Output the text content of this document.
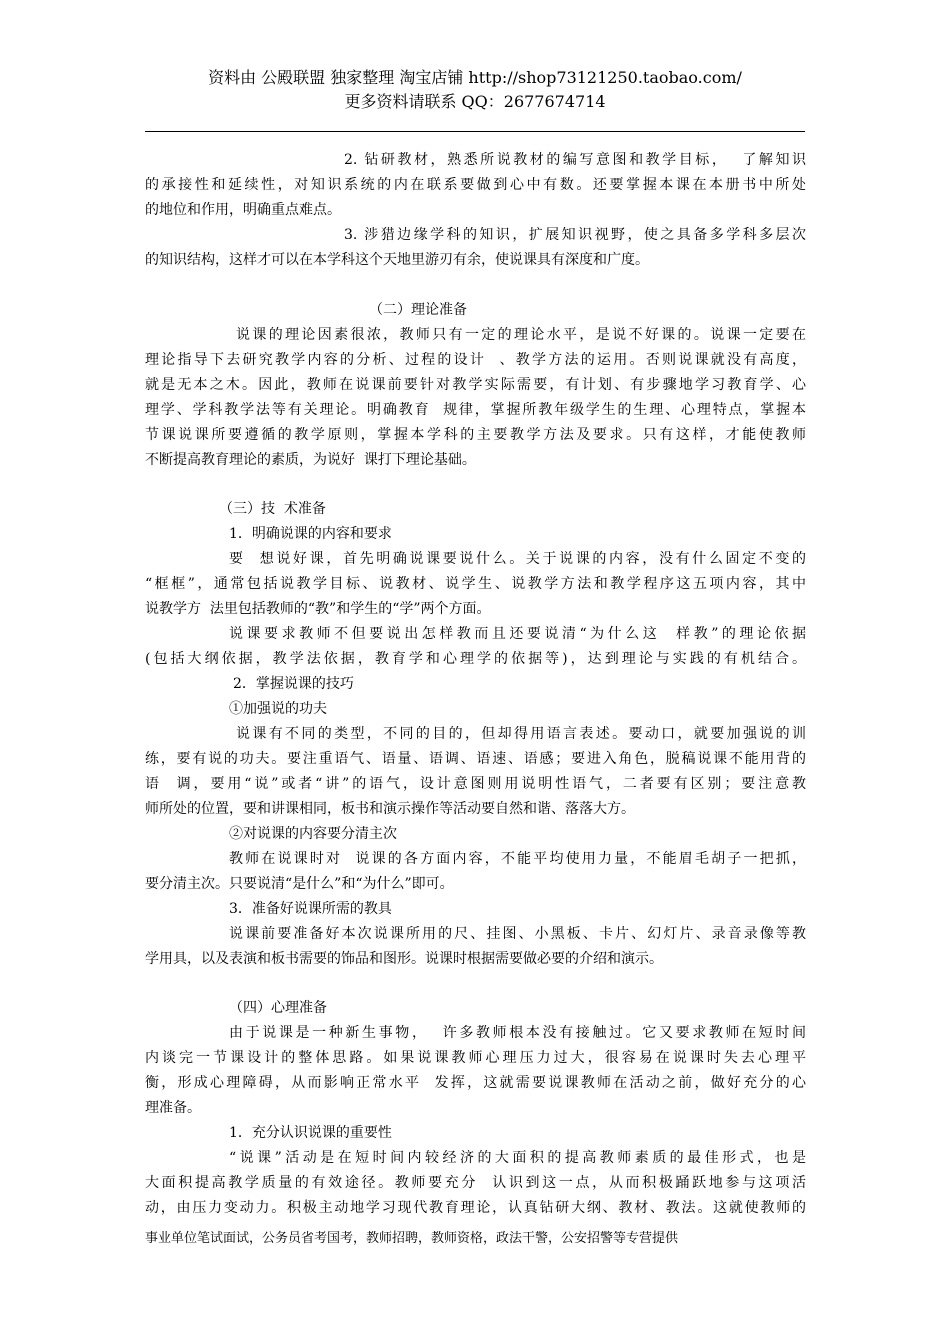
资料由 公殿联盟 独家整理 淘宝店铺 http://shop73121250.taobao.com/
更多资料请联系 QQ：2677674714
2. 钻研教材，熟悉所说教材的编写意图和教学目标，  了解知识
的承接性和延续性，对知识系统的内在联系要做到心中有数。还要掌握本课在本册书中所处
的地位和作用，明确重点难点。
3. 涉猎边缘学科的知识，扩展知识视野，使之具备多学科多层次
的知识结构，这样才可以在本学科这个天地里游刃有余，使说课具有深度和广度。
（二）理论准备
说课的理论因素很浓，教师只有一定的理论水平，是说不好课的。说课一定要在
理论指导下去研究教学内容的分析、过程的设计  、教学方法的运用。否则说课就没有高度，
就是无本之木。因此，教师在说课前要针对教学实际需要，有计划、有步骤地学习教育学、心
理学、学科教学法等有关理论。明确教育  规律，掌握所教年级学生的生理、心理特点，掌握本
节课说课所要遵循的教学原则，掌握本学科的主要教学方法及要求。只有这样，才能使教师
不断提高教育理论的素质，为说好  课打下理论基础。
（三）技  术准备
1．明确说课的内容和要求
要  想说好课，首先明确说课要说什么。关于说课的内容，没有什么固定不变的
“框框”，通常包括说教学目标、说教材、说学生、说教学方法和教学程序这五项内容，其中
说教学方  法里包括教师的“教”和学生的“学”两个方面。
说课要求教师不但要说出怎样教而且还要说清“为什么这  样教”的理论依据
(包括大纲依据，教学法依据，教育学和心理学的依据等)，达到理论与实践的有机结合。
2．掌握说课的技巧
①加强说的功夫
说课有不同的类型，不同的目的，但却得用语言表述。要动口，就要加强说的训
练，要有说的功夫。要注重语气、语量、语调、语速、语感；要进入角色，脱稿说课不能用背的
语  调，要用“说”或者“讲”的语气，设计意图则用说明性语气，二者要有区别；要注意教
师所处的位置，要和讲课相同，板书和演示操作等活动要自然和谐、落落大方。
②对说课的内容要分清主次
教师在说课时对  说课的各方面内容，不能平均使用力量，不能眉毛胡子一把抓，
要分清主次。只要说清“是什么”和“为什么”即可。
3．准备好说课所需的教具
说课前要准备好本次说课所用的尺、挂图、小黑板、卡片、幻灯片、录音录像等教
学用具，以及表演和板书需要的饰品和图形。说课时根据需要做必要的介绍和演示。
（四）心理准备
由于说课是一种新生事物，  许多教师根本没有接触过。它又要求教师在短时间
内谈完一节课设计的整体思路。如果说课教师心理压力过大，很容易在说课时失去心理平
衡，形成心理障碍，从而影响正常水平  发挥，这就需要说课教师在活动之前，做好充分的心
理准备。
1．充分认识说课的重要性
“说课”活动是在短时间内较经济的大面积的提高教师素质的最佳形式，也是
大面积提高教学质量的有效途径。教师要充分  认识到这一点，从而积极踊跃地参与这项活
动，由压力变动力。积极主动地学习现代教育理论，认真钻研大纲、教材、教法。这就使教师的
事业单位笔试面试，公务员省考国考，教师招聘，教师资格，政法干警，公安招警等专营提供
